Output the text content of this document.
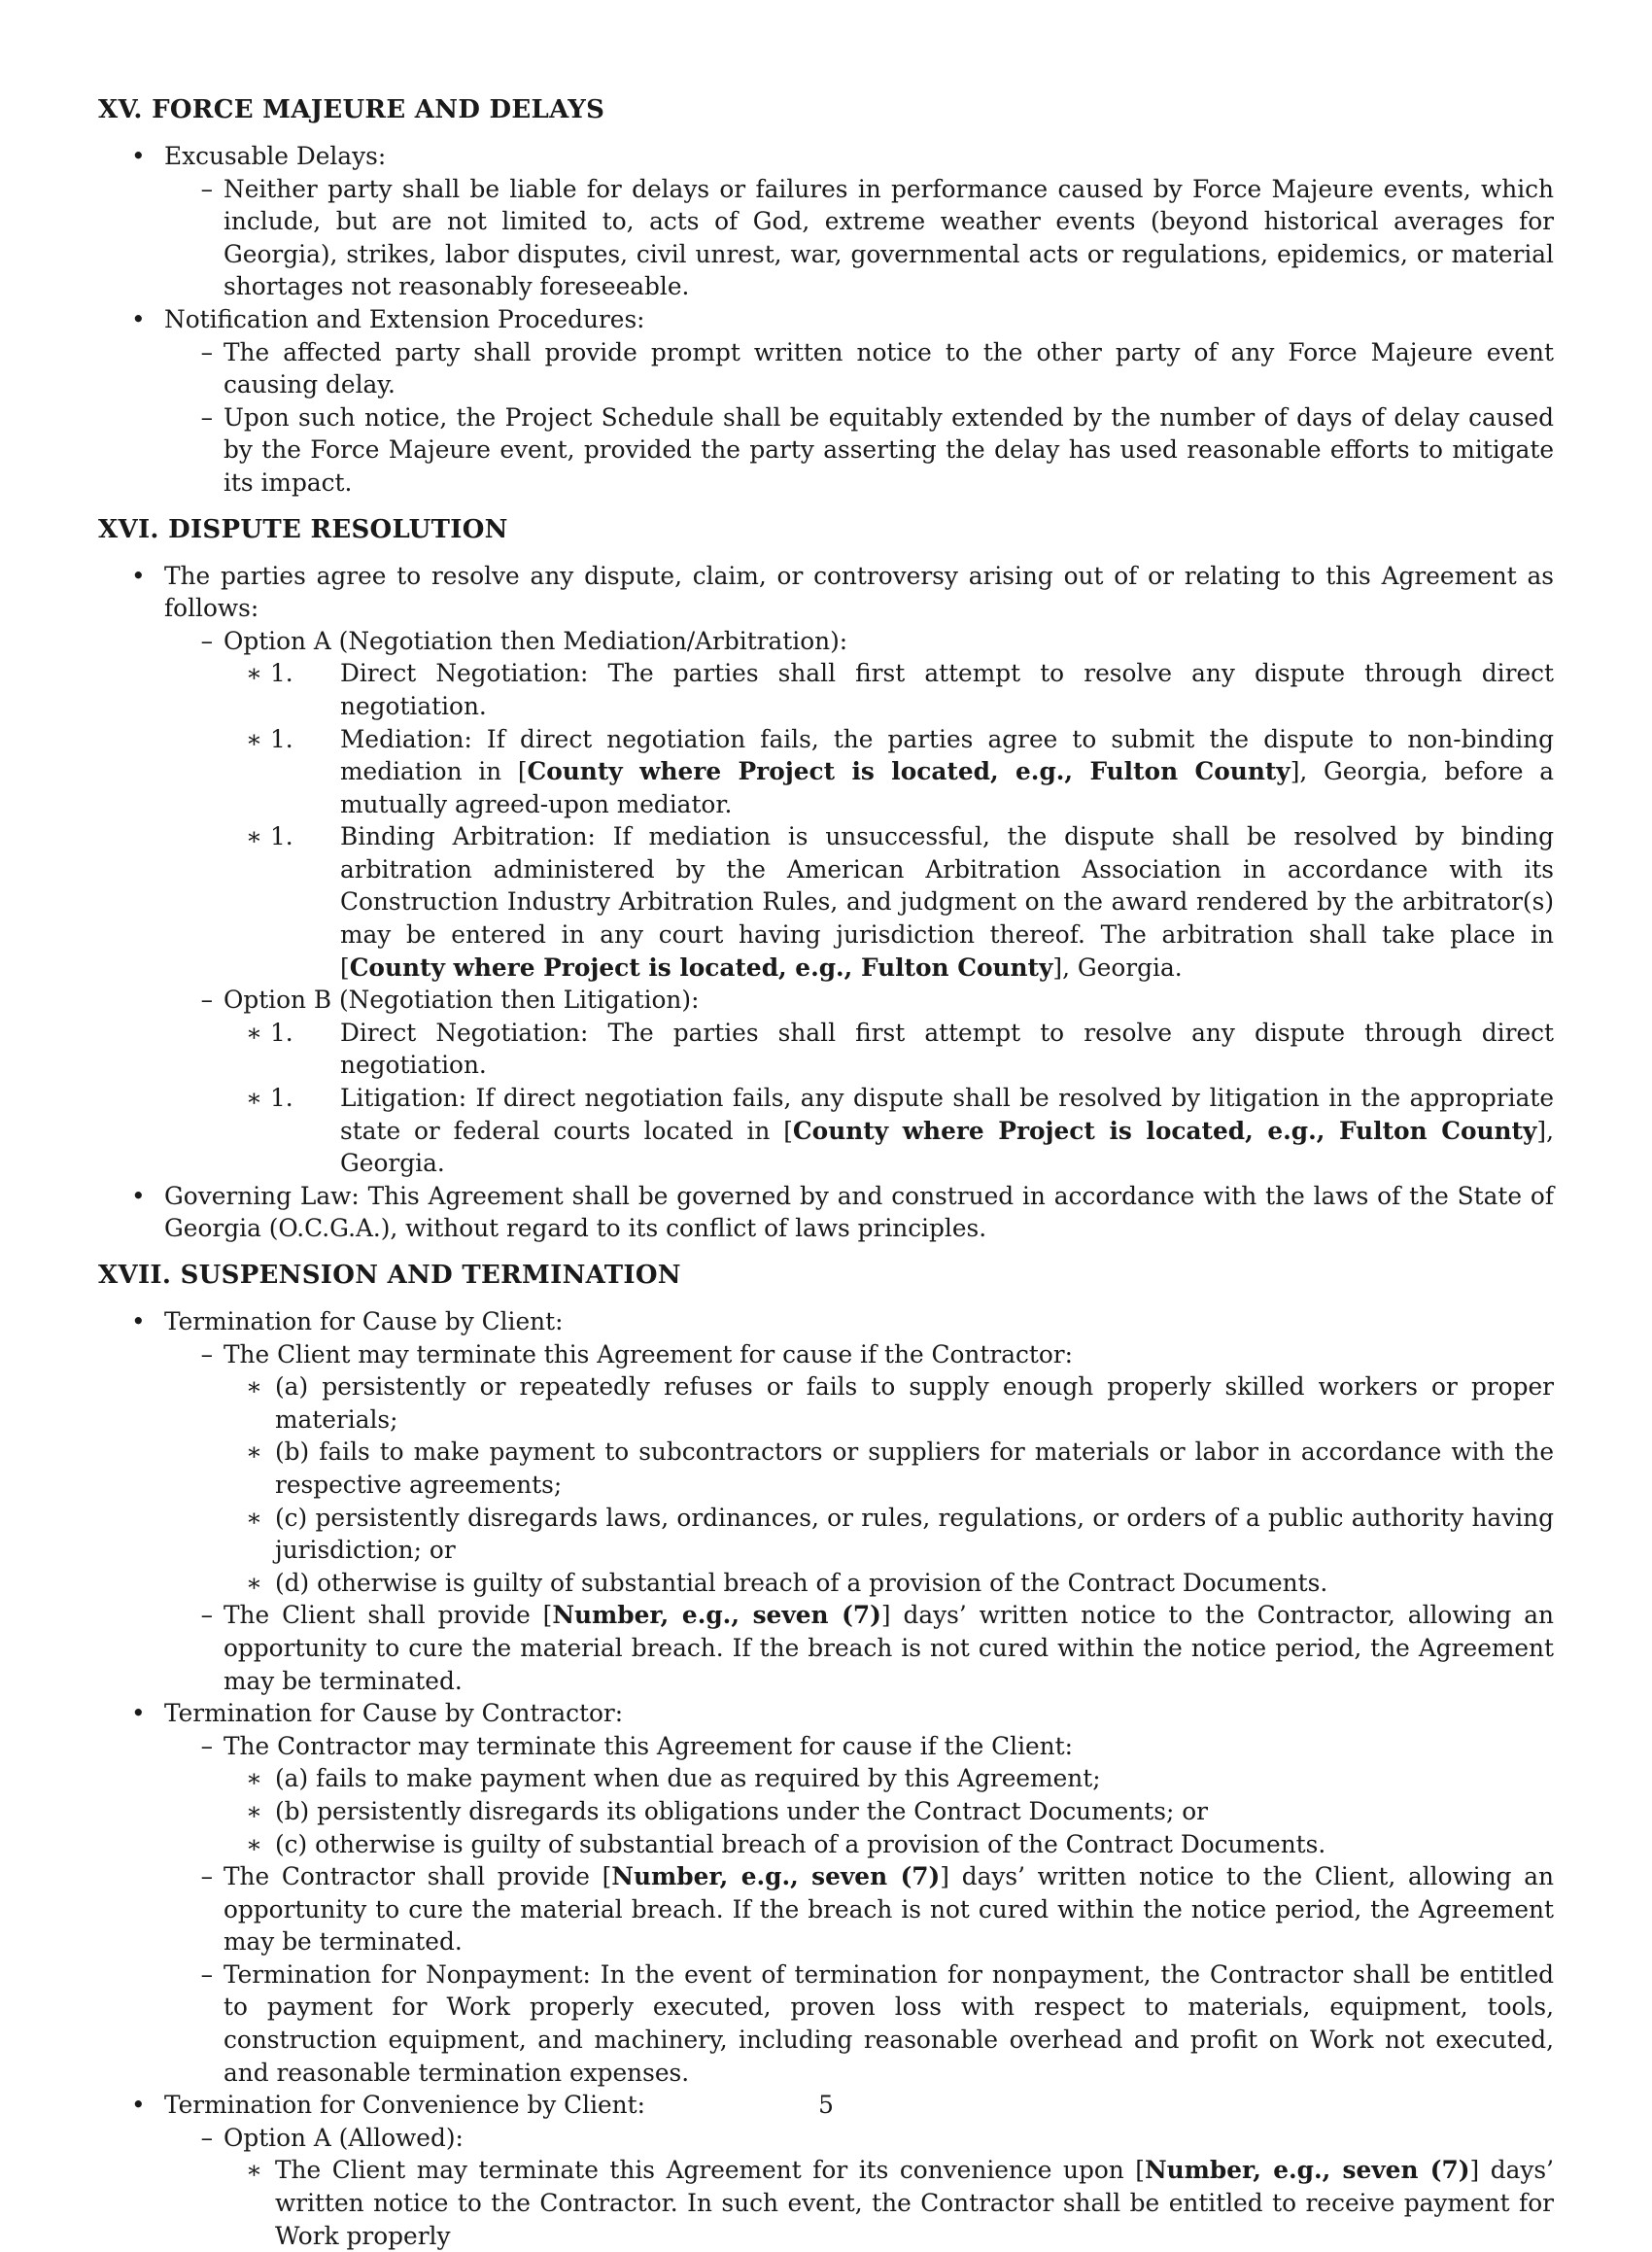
XV. FORCE MAJEURE AND DELAYS
• Excusable Delays:
– Neither party shall be liable for delays or failures in performance caused by Force Majeure events, which include, but are not limited to, acts of God, extreme weather events (beyond historical averages for Georgia), strikes, labor disputes, civil unrest, war, governmental acts or regulations, epidemics, or material shortages not reasonably foreseeable.
• Notification and Extension Procedures:
– The affected party shall provide prompt written notice to the other party of any Force Majeure event causing delay.
– Upon such notice, the Project Schedule shall be equitably extended by the number of days of delay caused by the Force Majeure event, provided the party asserting the delay has used reasonable efforts to mitigate its impact.
XVI. DISPUTE RESOLUTION
• The parties agree to resolve any dispute, claim, or controversy arising out of or relating to this Agreement as follows:
– Option A (Negotiation then Mediation/Arbitration):
∗ 1.	Direct Negotiation: The parties shall first attempt to resolve any dispute through direct negotiation.
∗ 1.	Mediation: If direct negotiation fails, the parties agree to submit the dispute to non-binding mediation in [County where Project is located, e.g., Fulton County], Georgia, before a mutually agreed-upon mediator.
∗ 1.	Binding Arbitration: If mediation is unsuccessful, the dispute shall be resolved by binding arbitration administered by the American Arbitration Association in accordance with its Construction Industry Arbitration Rules, and judgment on the award rendered by the arbitrator(s) may be entered in any court having jurisdiction thereof. The arbitration shall take place in [County where Project is located, e.g., Fulton County], Georgia.
– Option B (Negotiation then Litigation):
∗ 1.	Direct Negotiation: The parties shall first attempt to resolve any dispute through direct negotiation.
∗ 1.	Litigation: If direct negotiation fails, any dispute shall be resolved by litigation in the appropriate state or federal courts located in [County where Project is located, e.g., Fulton County], Georgia.
• Governing Law: This Agreement shall be governed by and construed in accordance with the laws of the State of Georgia (O.C.G.A.), without regard to its conflict of laws principles.
XVII. SUSPENSION AND TERMINATION
• Termination for Cause by Client:
– The Client may terminate this Agreement for cause if the Contractor:
∗ (a) persistently or repeatedly refuses or fails to supply enough properly skilled workers or proper materials;
∗ (b) fails to make payment to subcontractors or suppliers for materials or labor in accordance with the respective agreements;
∗ (c) persistently disregards laws, ordinances, or rules, regulations, or orders of a public authority having jurisdiction; or
∗ (d) otherwise is guilty of substantial breach of a provision of the Contract Documents.
– The Client shall provide [Number, e.g., seven (7)] days’ written notice to the Contractor, allowing an opportunity to cure the material breach. If the breach is not cured within the notice period, the Agreement may be terminated.
• Termination for Cause by Contractor:
– The Contractor may terminate this Agreement for cause if the Client:
∗ (a) fails to make payment when due as required by this Agreement;
∗ (b) persistently disregards its obligations under the Contract Documents; or
∗ (c) otherwise is guilty of substantial breach of a provision of the Contract Documents.
– The Contractor shall provide [Number, e.g., seven (7)] days’ written notice to the Client, allowing an opportunity to cure the material breach. If the breach is not cured within the notice period, the Agreement may be terminated.
– Termination for Nonpayment: In the event of termination for nonpayment, the Contractor shall be entitled to payment for Work properly executed, proven loss with respect to materials, equipment, tools, construction equipment, and machinery, including reasonable overhead and profit on Work not executed, and reasonable termination expenses.
• Termination for Convenience by Client:
– Option A (Allowed):
∗ The Client may terminate this Agreement for its convenience upon [Number, e.g., seven (7)] days’ written notice to the Contractor. In such event, the Contractor shall be entitled to receive payment for Work properly
5
